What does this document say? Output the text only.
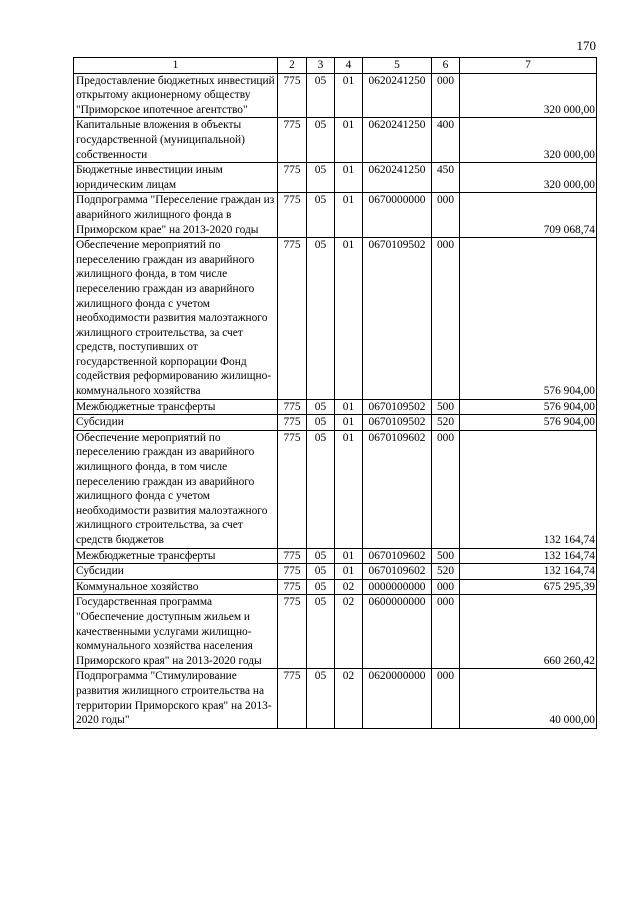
170
1	2	3	4	5	6	7
Предоставление бюджетных инвестиций открытому акционерному обществу "Приморское ипотечное агентство"	775	05	01	0620241250	000	320 000,00
Капитальные вложения в объекты государственной (муниципальной) собственности	775	05	01	0620241250	400	320 000,00
Бюджетные инвестиции иным юридическим лицам	775	05	01	0620241250	450	320 000,00
Подпрограмма "Переселение граждан из аварийного жилищного фонда в Приморском крае" на 2013-2020 годы	775	05	01	0670000000	000	709 068,74
Обеспечение мероприятий по переселению граждан из аварийного жилищного фонда, в том числе переселению граждан из аварийного жилищного фонда с учетом необходимости развития малоэтажного жилищного строительства, за счет средств, поступивших от государственной корпорации Фонд содействия реформированию жилищно-коммунального хозяйства	775	05	01	0670109502	000	576 904,00
Межбюджетные трансферты	775	05	01	0670109502	500	576 904,00
Субсидии	775	05	01	0670109502	520	576 904,00
Обеспечение мероприятий по переселению граждан из аварийного жилищного фонда, в том числе переселению граждан из аварийного жилищного фонда с учетом необходимости развития малоэтажного жилищного строительства, за счет средств бюджетов	775	05	01	0670109602	000	132 164,74
Межбюджетные трансферты	775	05	01	0670109602	500	132 164,74
Субсидии	775	05	01	0670109602	520	132 164,74
Коммунальное хозяйство	775	05	02	0000000000	000	675 295,39
Государственная программа "Обеспечение доступным жильем и качественными услугами жилищно-коммунального хозяйства населения Приморского края" на 2013-2020 годы	775	05	02	0600000000	000	660 260,42
Подпрограмма "Стимулирование развития жилищного строительства на территории Приморского края" на 2013-2020 годы"	775	05	02	0620000000	000	40 000,00
